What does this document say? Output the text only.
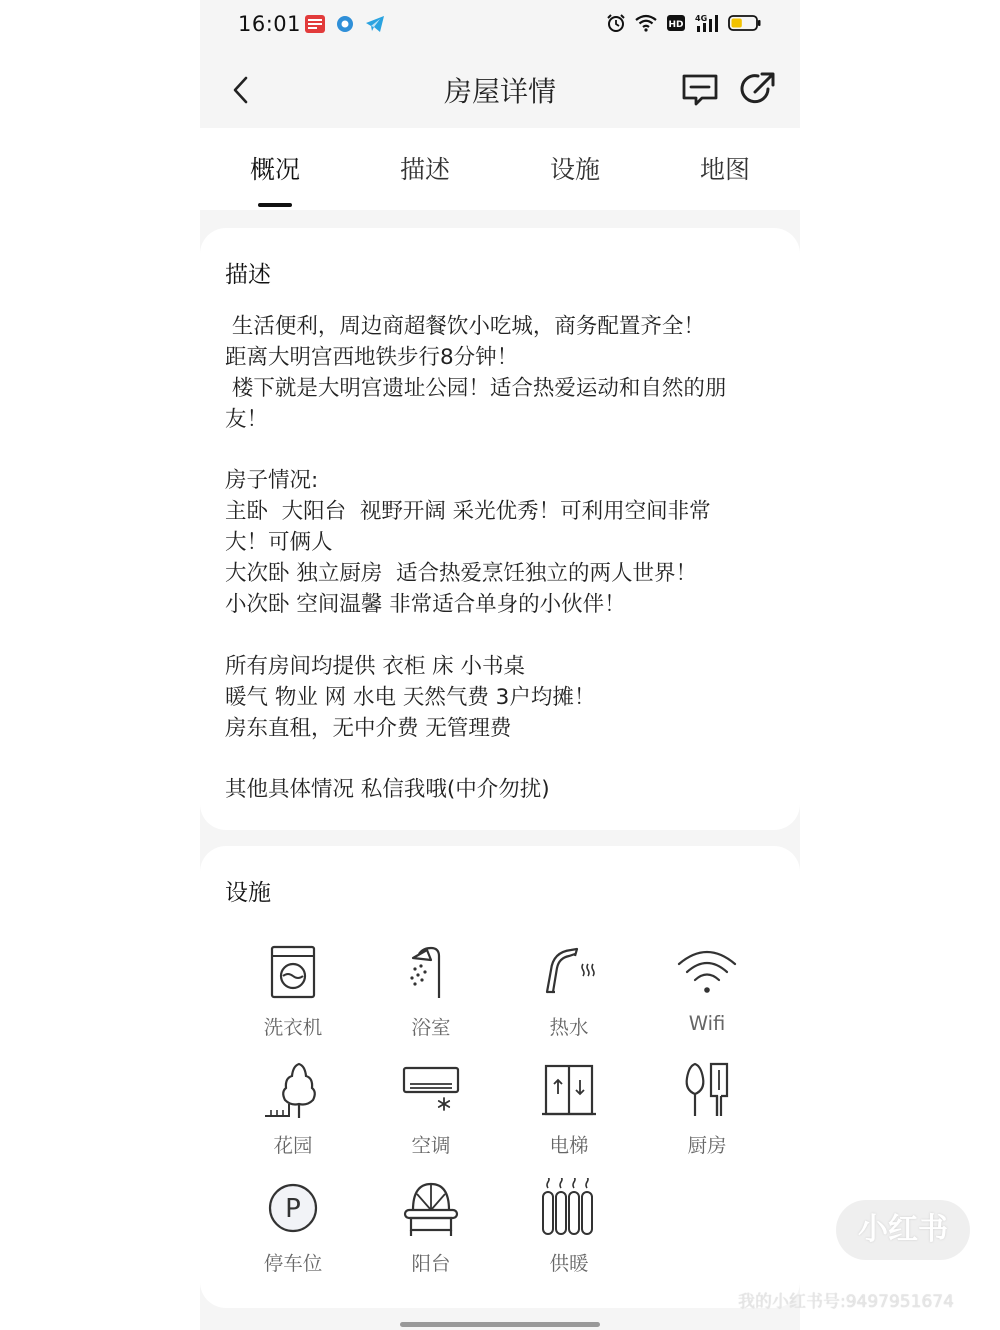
16:01	HD
4G
房屋详情
概况	描述	设施	地图
描述
生活便利，周边商超餐饮小吃城，商务配置齐全！
距离大明宫西地铁步行8分钟！
楼下就是大明宫遗址公园！适合热爱运动和自然的朋
友！
房子情况:
主卧  大阳台  视野开阔 采光优秀！可利用空间非常
大！可俩人
大次卧 独立厨房  适合热爱烹饪独立的两人世界！
小次卧 空间温馨 非常适合单身的小伙伴！
所有房间均提供 衣柜 床 小书桌
暖气 物业 网 水电 天然气费 3户均摊！
房东直租，无中介费 无管理费
其他具体情况 私信我哦(中介勿扰)
设施
洗衣机	浴室	热水	Wifi
花园	空调	电梯	厨房
P
停车位	阳台	供暖
小红书
我的小红书号:9497951674
